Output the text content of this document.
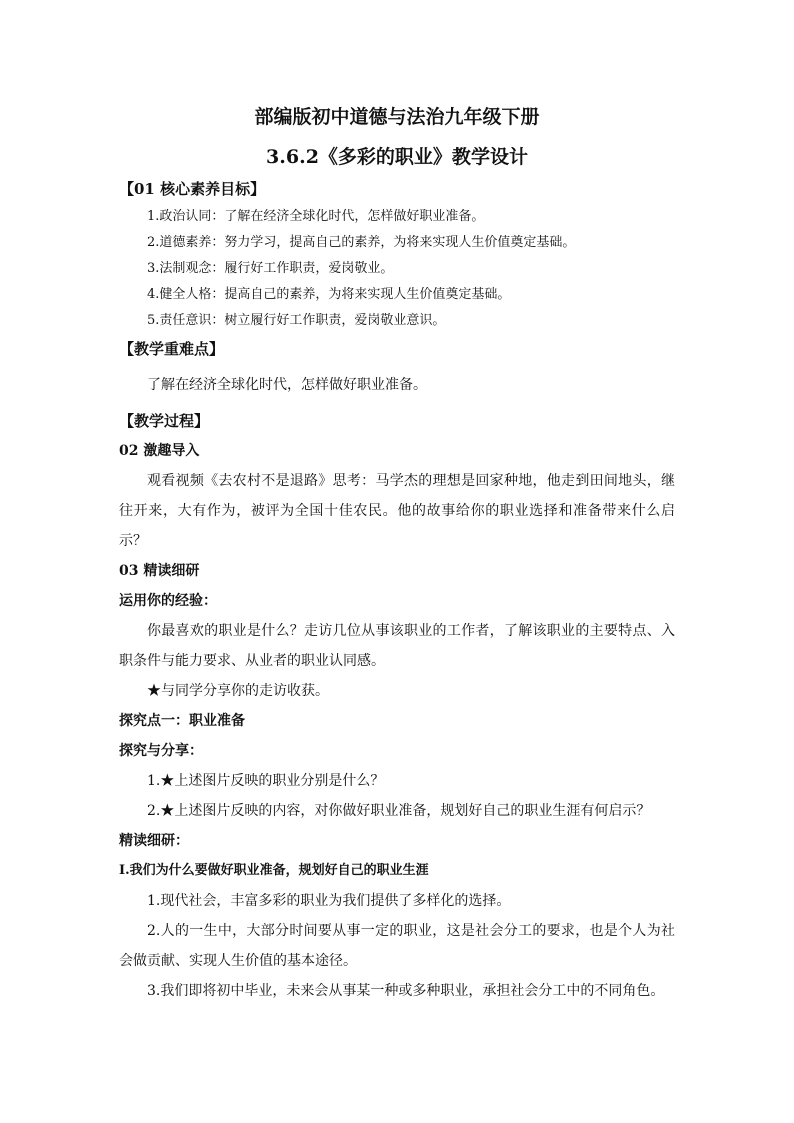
部编版初中道德与法治九年级下册
3.6.2《多彩的职业》教学设计
【01 核心素养目标】
1.政治认同：了解在经济全球化时代，怎样做好职业准备。
2.道德素养：努力学习，提高自己的素养，为将来实现人生价值奠定基础。
3.法制观念：履行好工作职责，爱岗敬业。
4.健全人格：提高自己的素养，为将来实现人生价值奠定基础。
5.责任意识：树立履行好工作职责，爱岗敬业意识。
【教学重难点】
了解在经济全球化时代，怎样做好职业准备。
【教学过程】
02 激趣导入
观看视频《去农村不是退路》思考：马学杰的理想是回家种地，他走到田间地头，继往开来，大有作为，被评为全国十佳农民。他的故事给你的职业选择和准备带来什么启示？
03 精读细研
运用你的经验：
你最喜欢的职业是什么？走访几位从事该职业的工作者，了解该职业的主要特点、入职条件与能力要求、从业者的职业认同感。
★与同学分享你的走访收获。
探究点一：职业准备
探究与分享：
1.★上述图片反映的职业分别是什么？
2.★上述图片反映的内容，对你做好职业准备，规划好自己的职业生涯有何启示？
精读细研：
Ⅰ.我们为什么要做好职业准备，规划好自己的职业生涯
1.现代社会，丰富多彩的职业为我们提供了多样化的选择。
2.人的一生中，大部分时间要从事一定的职业，这是社会分工的要求，也是个人为社会做贡献、实现人生价值的基本途径。
3.我们即将初中毕业，未来会从事某一种或多种职业，承担社会分工中的不同角色。
